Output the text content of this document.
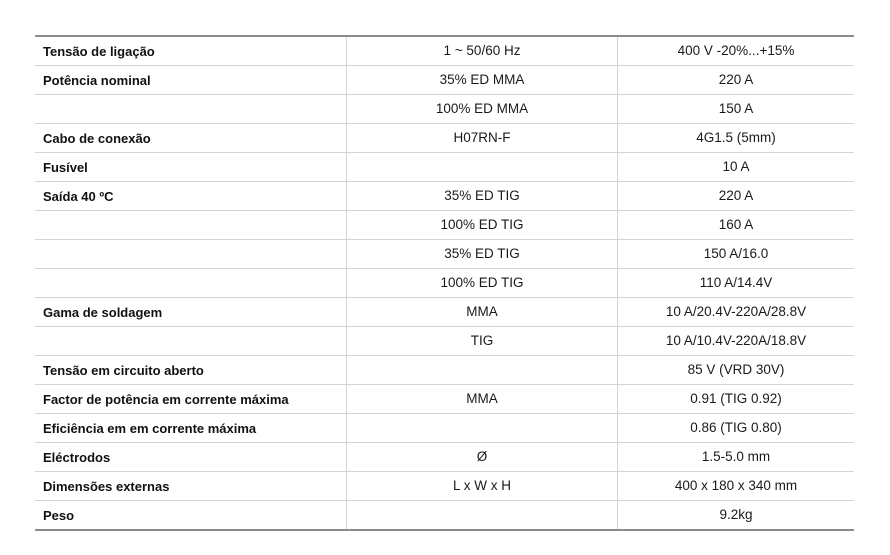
Tensão de ligação	1 ~ 50/60 Hz	400 V -20%...+15%
Potência nominal	35% ED MMA	220 A
	100% ED MMA	150 A
Cabo de conexão	H07RN-F	4G1.5 (5mm)
Fusível		10 A
Saída 40 ºC	35% ED TIG	220 A
	100% ED TIG	160 A
	35% ED TIG	150 A/16.0
	100% ED TIG	110 A/14.4V
Gama de soldagem	MMA	10 A/20.4V-220A/28.8V
	TIG	10 A/10.4V-220A/18.8V
Tensão em circuito aberto		85 V (VRD 30V)
Factor de potência em corrente máxima	MMA	0.91 (TIG 0.92)
Eficiência em em corrente máxima		0.86 (TIG 0.80)
Eléctrodos	Ø	1.5-5.0 mm
Dimensões externas	L x W x H	400 x 180 x 340 mm
Peso		9.2kg
